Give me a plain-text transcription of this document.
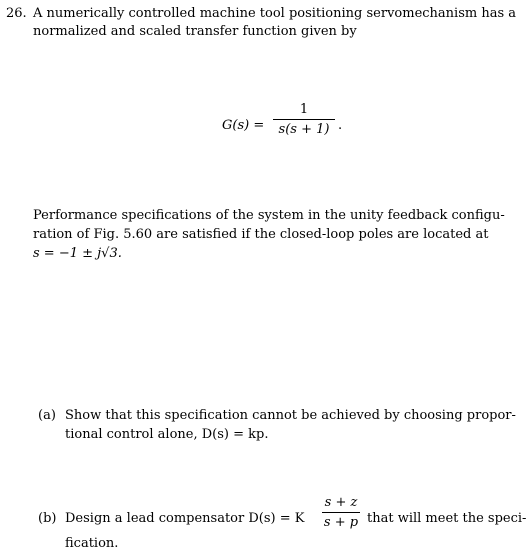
26. A numerically controlled machine tool positioning servomechanism has a
normalized and scaled transfer function given by
G(s) =
1
s(s + 1) .
Performance specifications of the system in the unity feedback configu-
ration of Fig. 5.60 are satisfied if the closed-loop poles are located at
s = −1 ± j√3.
(a) Show that this specification cannot be achieved by choosing propor-
tional control alone, D(s) = kp.
(b) Design a lead compensator D(s) = K
s + z
s + p that will meet the speci-
fication.
